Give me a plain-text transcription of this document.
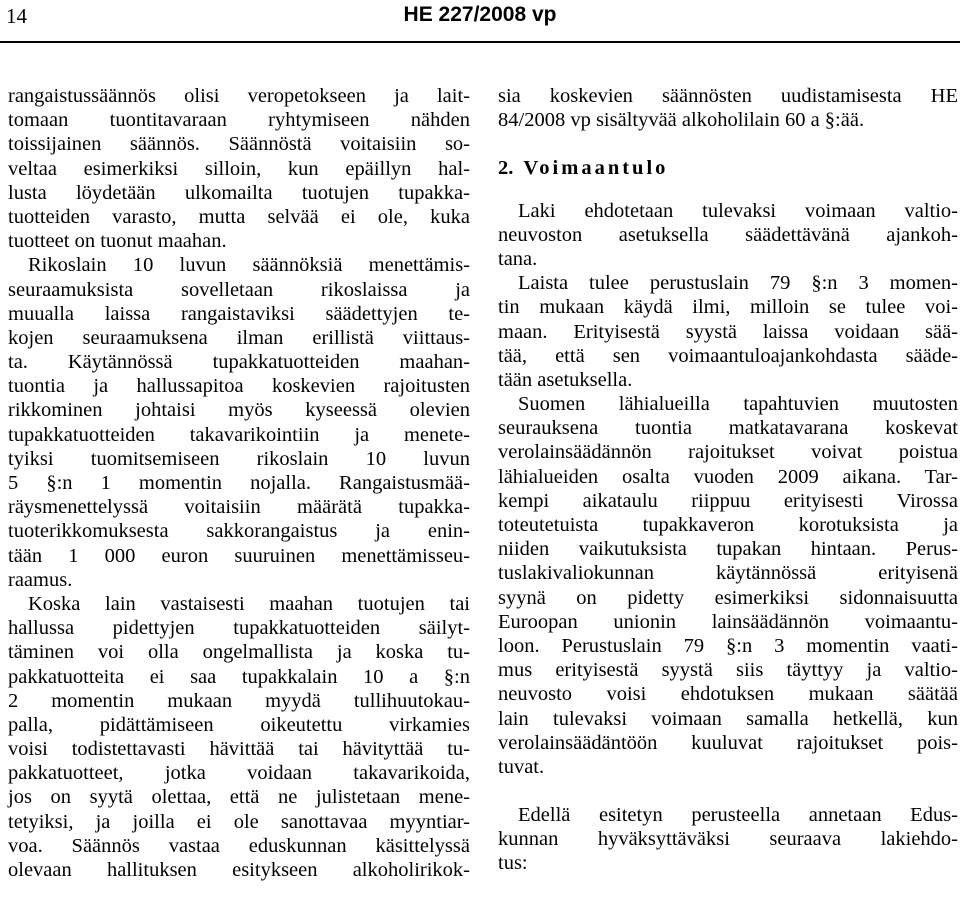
14	HE 227/2008 vp
rangaistussäännös olisi veropetokseen ja lait-
tomaan tuontitavaraan ryhtymiseen nähden
toissijainen säännös. Säännöstä voitaisiin so-
veltaa esimerkiksi silloin, kun epäillyn hal-
lusta löydetään ulkomailta tuotujen tupakka-
tuotteiden varasto, mutta selvää ei ole, kuka
tuotteet on tuonut maahan.
Rikoslain 10 luvun säännöksiä menettämis-
seuraamuksista sovelletaan rikoslaissa ja
muualla laissa rangaistaviksi säädettyjen te-
kojen seuraamuksena ilman erillistä viittaus-
ta. Käytännössä tupakkatuotteiden maahan-
tuontia ja hallussapitoa koskevien rajoitusten
rikkominen johtaisi myös kyseessä olevien
tupakkatuotteiden takavarikointiin ja menete-
tyiksi tuomitsemiseen rikoslain 10 luvun
5 §:n 1 momentin nojalla. Rangaistusmää-
räysmenettelyssä voitaisiin määrätä tupakka-
tuoterikkomuksesta sakkorangaistus ja enin-
tään 1 000 euron suuruinen menettämisseu-
raamus.
Koska lain vastaisesti maahan tuotujen tai
hallussa pidettyjen tupakkatuotteiden säilyt-
täminen voi olla ongelmallista ja koska tu-
pakkatuotteita ei saa tupakkalain 10 a §:n
2 momentin mukaan myydä tullihuutokau-
palla, pidättämiseen oikeutettu virkamies
voisi todistettavasti hävittää tai hävityttää tu-
pakkatuotteet, jotka voidaan takavarikoida,
jos on syytä olettaa, että ne julistetaan mene-
tetyiksi, ja joilla ei ole sanottavaa myyntiar-
voa. Säännös vastaa eduskunnan käsittelyssä
olevaan hallituksen esitykseen alkoholirikok-
sia koskevien säännösten uudistamisesta HE
84/2008 vp sisältyvää alkoholilain 60 a §:ää.
2. Voimaantulo
Laki ehdotetaan tulevaksi voimaan valtio-
neuvoston asetuksella säädettävänä ajankoh-
tana.
Laista tulee perustuslain 79 §:n 3 momen-
tin mukaan käydä ilmi, milloin se tulee voi-
maan. Erityisestä syystä laissa voidaan sää-
tää, että sen voimaantuloajankohdasta sääde-
tään asetuksella.
Suomen lähialueilla tapahtuvien muutosten
seurauksena tuontia matkatavarana koskevat
verolainsäädännön rajoitukset voivat poistua
lähialueiden osalta vuoden 2009 aikana. Tar-
kempi aikataulu riippuu erityisesti Virossa
toteutetuista tupakkaveron korotuksista ja
niiden vaikutuksista tupakan hintaan. Perus-
tuslakivaliokunnan käytännössä erityisenä
syynä on pidetty esimerkiksi sidonnaisuutta
Euroopan unionin lainsäädännön voimaantu-
loon. Perustuslain 79 §:n 3 momentin vaati-
mus erityisestä syystä siis täyttyy ja valtio-
neuvosto voisi ehdotuksen mukaan säätää
lain tulevaksi voimaan samalla hetkellä, kun
verolainsäädäntöön kuuluvat rajoitukset pois-
tuvat.
Edellä esitetyn perusteella annetaan Edus-
kunnan hyväksyttäväksi seuraava lakiehdo-
tus:
